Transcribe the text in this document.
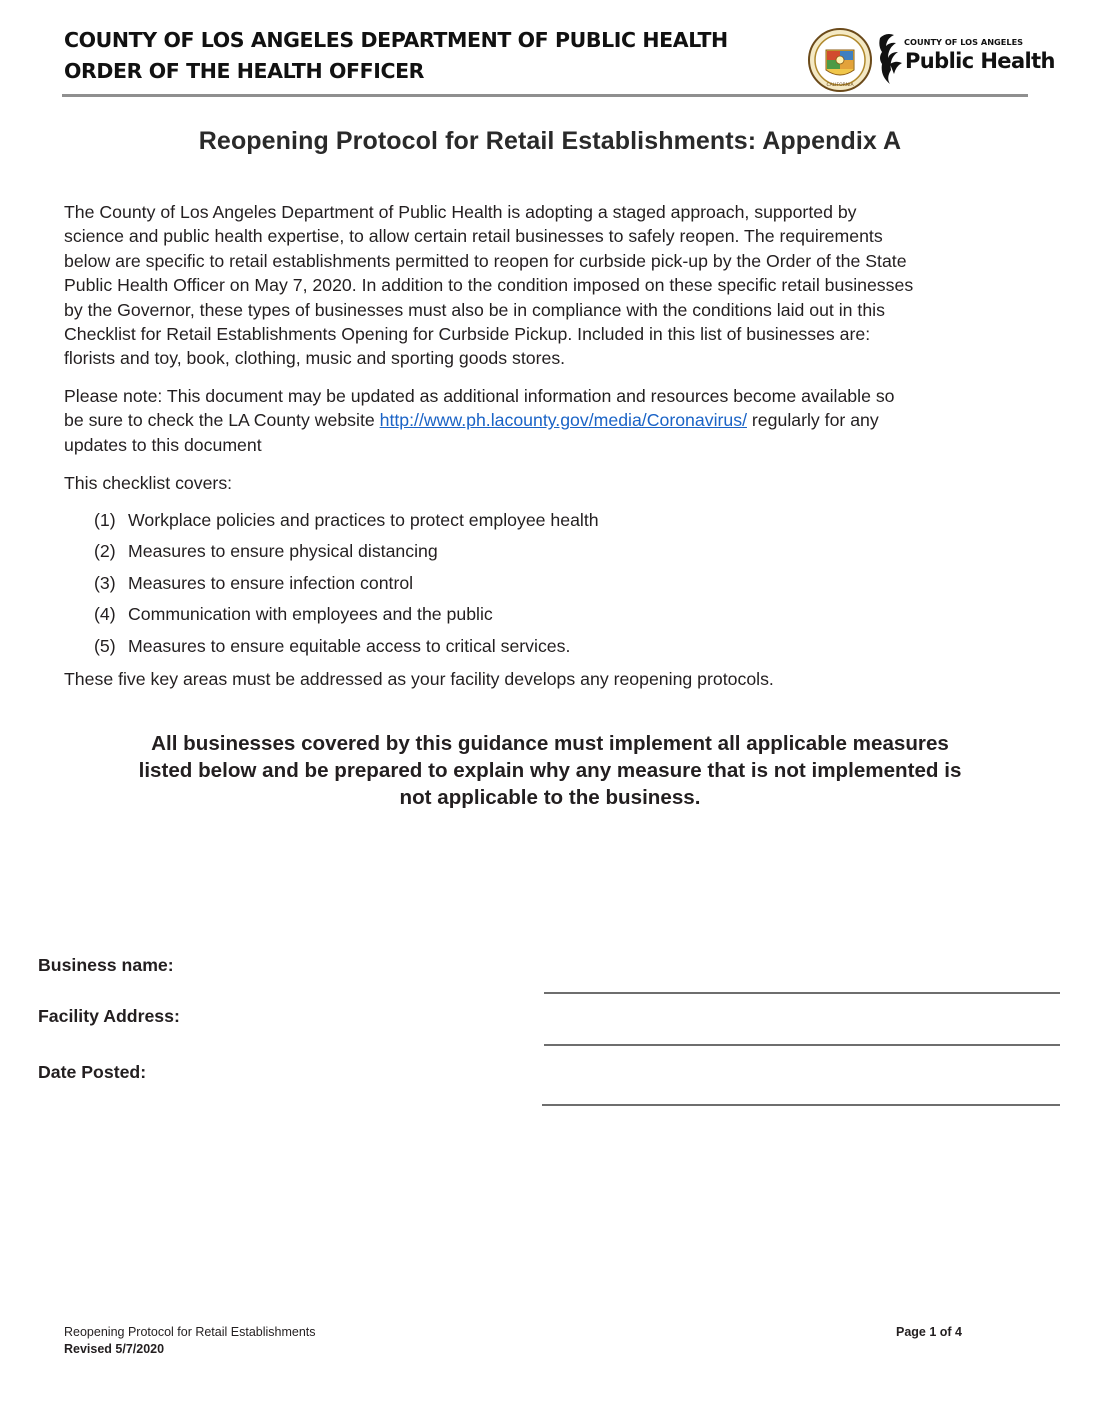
COUNTY OF LOS ANGELES DEPARTMENT OF PUBLIC HEALTH
ORDER OF THE HEALTH OFFICER
CALIFORNIA
COUNTY OF LOS ANGELES
Public Health
Reopening Protocol for Retail Establishments: Appendix A

The County of Los Angeles Department of Public Health is adopting a staged approach, supported by

science and public health expertise, to allow certain retail businesses to safely reopen. The requirements

below are specific to retail establishments permitted to reopen for curbside pick-up by the Order of the State

Public Health Officer on May 7, 2020. In addition to the condition imposed on these specific retail businesses

by the Governor, these types of businesses must also be in compliance with the conditions laid out in this

Checklist for Retail Establishments Opening for Curbside Pickup. Included in this list of businesses are:

florists and toy, book, clothing, music and sporting goods stores.

Please note: This document may be updated as additional information and resources become available so

be sure to check the LA County website http://www.ph.lacounty.gov/media/Coronavirus/ regularly for any

updates to this document

This checklist covers:
(1) Workplace policies and practices to protect employee health
(2) Measures to ensure physical distancing
(3) Measures to ensure infection control
(4) Communication with employees and the public
(5) Measures to ensure equitable access to critical services.
These five key areas must be addressed as your facility develops any reopening protocols.
All businesses covered by this guidance must implement all applicable measures
listed below and be prepared to explain why any measure that is not implemented is
not applicable to the business.
Business name:
Facility Address:
Date Posted:
Reopening Protocol for Retail Establishments
Revised 5/7/2020
Page 1 of 4
